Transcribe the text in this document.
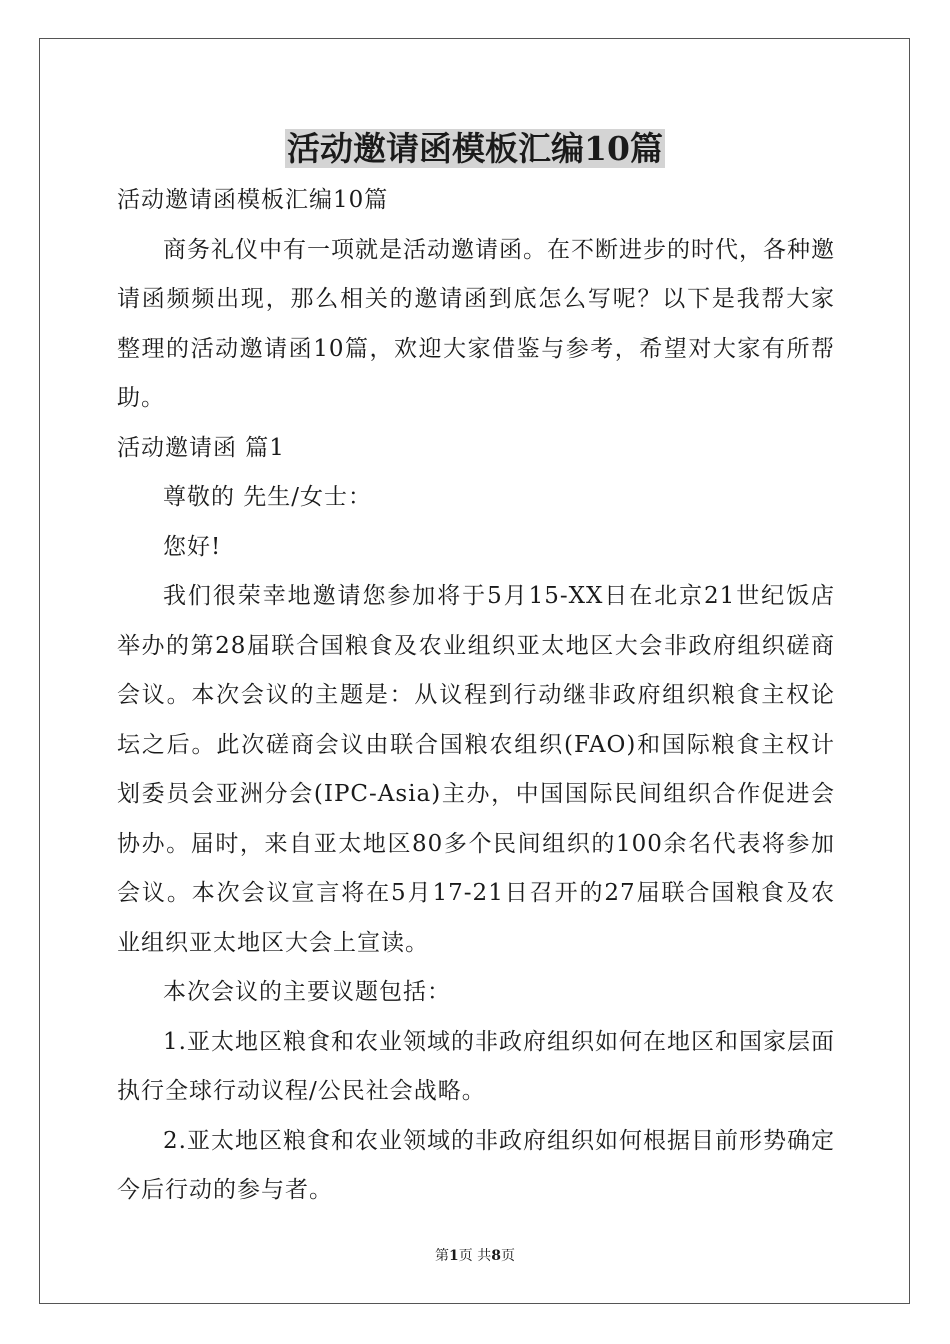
活动邀请函模板汇编10篇

活动邀请函模板汇编10篇

商务礼仪中有一项就是活动邀请函。在不断进步的时代，各种邀请函频频出现，那么相关的邀请函到底怎么写呢？以下是我帮大家整理的活动邀请函10篇，欢迎大家借鉴与参考，希望对大家有所帮助。

活动邀请函 篇1

尊敬的 先生/女士：

您好!

我们很荣幸地邀请您参加将于5月15-XX日在北京21世纪饭店举办的第28届联合国粮食及农业组织亚太地区大会非政府组织磋商会议。本次会议的主题是：从议程到行动继非政府组织粮食主权论坛之后。此次磋商会议由联合国粮农组织(FAO)和国际粮食主权计划委员会亚洲分会(IPC-Asia)主办，中国国际民间组织合作促进会协办。届时，来自亚太地区80多个民间组织的100余名代表将参加会议。本次会议宣言将在5月17-21日召开的27届联合国粮食及农业组织亚太地区大会上宣读。

本次会议的主要议题包括：

1.亚太地区粮食和农业领域的非政府组织如何在地区和国家层面执行全球行动议程/公民社会战略。

2.亚太地区粮食和农业领域的非政府组织如何根据目前形势确定今后行动的参与者。

第1页 共8页
